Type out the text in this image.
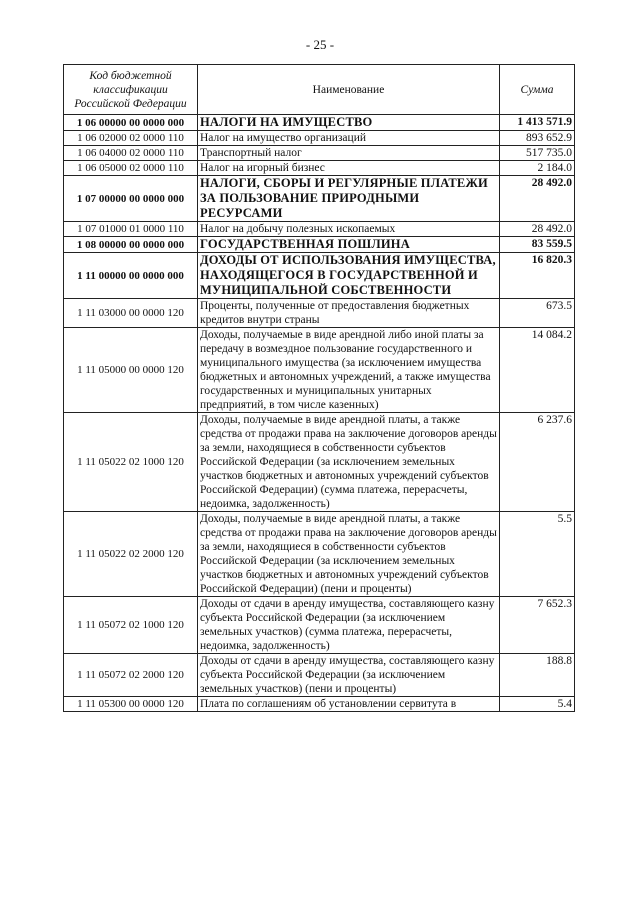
- 25 -
Код бюджетной классификации Российской Федерации	Наименование	Сумма
1 06 00000 00 0000 000	НАЛОГИ НА ИМУЩЕСТВО	1 413 571.9
1 06 02000 02 0000 110	Налог на имущество организаций	893 652.9
1 06 04000 02 0000 110	Транспортный налог	517 735.0
1 06 05000 02 0000 110	Налог на игорный бизнес	2 184.0
1 07 00000 00 0000 000	НАЛОГИ, СБОРЫ И РЕГУЛЯРНЫЕ ПЛАТЕЖИ ЗА ПОЛЬЗОВАНИЕ ПРИРОДНЫМИ РЕСУРСАМИ	28 492.0
1 07 01000 01 0000 110	Налог на добычу полезных ископаемых	28 492.0
1 08 00000 00 0000 000	ГОСУДАРСТВЕННАЯ ПОШЛИНА	83 559.5
1 11 00000 00 0000 000	ДОХОДЫ ОТ ИСПОЛЬЗОВАНИЯ ИМУЩЕСТВА, НАХОДЯЩЕГОСЯ В ГОСУДАРСТВЕННОЙ И МУНИЦИПАЛЬНОЙ СОБСТВЕННОСТИ	16 820.3
1 11 03000 00 0000 120	Проценты, полученные от предоставления бюджетных кредитов внутри страны	673.5
1 11 05000 00 0000 120	Доходы, получаемые в виде арендной либо иной платы за передачу в возмездное пользование государственного и муниципального имущества (за исключением имущества бюджетных и автономных учреждений, а также имущества государственных и муниципальных унитарных предприятий, в том числе казенных)	14 084.2
1 11 05022 02 1000 120	Доходы, получаемые в виде арендной платы, а также средства от продажи права на заключение договоров аренды за земли, находящиеся в собственности субъектов Российской Федерации (за исключением земельных участков бюджетных и автономных учреждений субъектов Российской Федерации) (сумма платежа, перерасчеты, недоимка, задолженность)	6 237.6
1 11 05022 02 2000 120	Доходы, получаемые в виде арендной платы, а также средства от продажи права на заключение договоров аренды за земли, находящиеся в собственности субъектов Российской Федерации (за исключением земельных участков бюджетных и автономных учреждений субъектов Российской Федерации) (пени и проценты)	5.5
1 11 05072 02 1000 120	Доходы от сдачи в аренду имущества, составляющего казну субъекта Российской Федерации (за исключением земельных участков) (сумма платежа, перерасчеты, недоимка, задолженность)	7 652.3
1 11 05072 02 2000 120	Доходы от сдачи в аренду имущества, составляющего казну субъекта Российской Федерации (за исключением земельных участков) (пени и проценты)	188.8
1 11 05300 00 0000 120	Плата по соглашениям об установлении сервитута в	5.4
